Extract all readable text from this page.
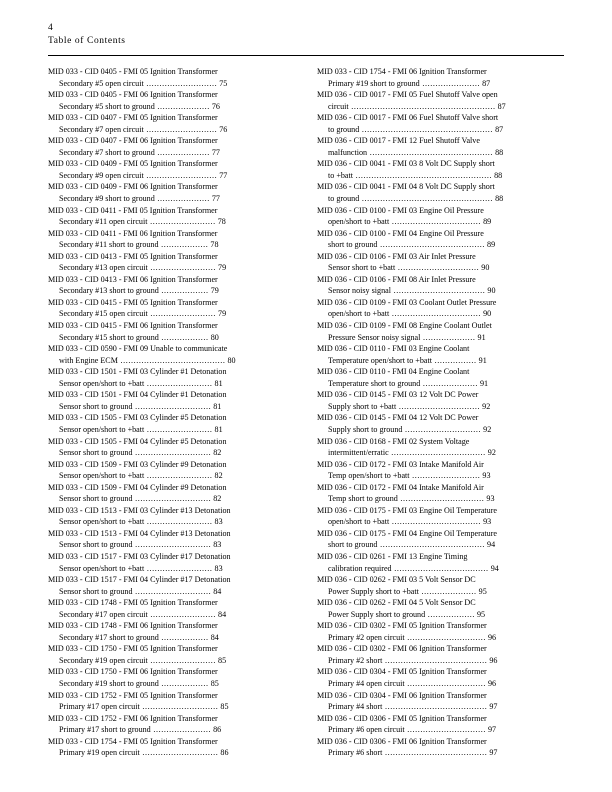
4
Table of Contents

MID 033 - CID 0405 - FMI 05 Ignition Transformer
Secondary #5 open circuit ........................... 75

MID 033 - CID 0405 - FMI 06 Ignition Transformer
Secondary #5 short to ground .................... 76

MID 033 - CID 0407 - FMI 05 Ignition Transformer
Secondary #7 open circuit ........................... 76

MID 033 - CID 0407 - FMI 06 Ignition Transformer
Secondary #7 short to ground .................... 77

MID 033 - CID 0409 - FMI 05 Ignition Transformer
Secondary #9 open circuit ........................... 77

MID 033 - CID 0409 - FMI 06 Ignition Transformer
Secondary #9 short to ground .................... 77

MID 033 - CID 0411 - FMI 05 Ignition Transformer
Secondary #11 open circuit ......................... 78

MID 033 - CID 0411 - FMI 06 Ignition Transformer
Secondary #11 short to ground .................. 78

MID 033 - CID 0413 - FMI 05 Ignition Transformer
Secondary #13 open circuit ......................... 79

MID 033 - CID 0413 - FMI 06 Ignition Transformer
Secondary #13 short to ground .................. 79

MID 033 - CID 0415 - FMI 05 Ignition Transformer
Secondary #15 open circuit ......................... 79

MID 033 - CID 0415 - FMI 06 Ignition Transformer
Secondary #15 short to ground .................. 80

MID 033 - CID 0590 - FMI 09 Unable to communicate
with Engine ECM ........................................ 80

MID 033 - CID 1501 - FMI 03 Cylinder #1 Detonation
Sensor open/short to +batt ......................... 81

MID 033 - CID 1501 - FMI 04 Cylinder #1 Detonation
Sensor short to ground ............................. 81

MID 033 - CID 1505 - FMI 03 Cylinder #5 Detonation
Sensor open/short to +batt ......................... 81

MID 033 - CID 1505 - FMI 04 Cylinder #5 Detonation
Sensor short to ground ............................. 82

MID 033 - CID 1509 - FMI 03 Cylinder #9 Detonation
Sensor open/short to +batt ......................... 82

MID 033 - CID 1509 - FMI 04 Cylinder #9 Detonation
Sensor short to ground ............................. 82

MID 033 - CID 1513 - FMI 03 Cylinder #13 Detonation
Sensor open/short to +batt ......................... 83

MID 033 - CID 1513 - FMI 04 Cylinder #13 Detonation
Sensor short to ground ............................. 83

MID 033 - CID 1517 - FMI 03 Cylinder #17 Detonation
Sensor open/short to +batt ......................... 83

MID 033 - CID 1517 - FMI 04 Cylinder #17 Detonation
Sensor short to ground ............................. 84

MID 033 - CID 1748 - FMI 05 Ignition Transformer
Secondary #17 open circuit ......................... 84

MID 033 - CID 1748 - FMI 06 Ignition Transformer
Secondary #17 short to ground .................. 84

MID 033 - CID 1750 - FMI 05 Ignition Transformer
Secondary #19 open circuit ......................... 85

MID 033 - CID 1750 - FMI 06 Ignition Transformer
Secondary #19 short to ground .................. 85

MID 033 - CID 1752 - FMI 05 Ignition Transformer
Primary #17 open circuit ............................. 85

MID 033 - CID 1752 - FMI 06 Ignition Transformer
Primary #17 short to ground ...................... 86

MID 033 - CID 1754 - FMI 05 Ignition Transformer
Primary #19 open circuit ............................. 86

MID 033 - CID 1754 - FMI 06 Ignition Transformer
Primary #19 short to ground ...................... 87

MID 036 - CID 0017 - FMI 05 Fuel Shutoff Valve open
circuit ....................................................... 87

MID 036 - CID 0017 - FMI 06 Fuel Shutoff Valve short
to ground .................................................. 87

MID 036 - CID 0017 - FMI 12 Fuel Shutoff Valve
malfunction ............................................... 88

MID 036 - CID 0041 - FMI 03 8 Volt DC Supply short
to +batt .................................................... 88

MID 036 - CID 0041 - FMI 04 8 Volt DC Supply short
to ground .................................................. 88

MID 036 - CID 0100 - FMI 03 Engine Oil Pressure
open/short to +batt .................................. 89

MID 036 - CID 0100 - FMI 04 Engine Oil Pressure
short to ground ........................................ 89

MID 036 - CID 0106 - FMI 03 Air Inlet Pressure
Sensor short to +batt ............................... 90

MID 036 - CID 0106 - FMI 08 Air Inlet Pressure
Sensor noisy signal ................................... 90

MID 036 - CID 0109 - FMI 03 Coolant Outlet Pressure
open/short to +batt .................................. 90

MID 036 - CID 0109 - FMI 08 Engine Coolant Outlet
Pressure Sensor noisy signal .................... 91

MID 036 - CID 0110 - FMI 03 Engine Coolant
Temperature open/short to +batt ................ 91

MID 036 - CID 0110 - FMI 04 Engine Coolant
Temperature short to ground ..................... 91

MID 036 - CID 0145 - FMI 03 12 Volt DC Power
Supply short to +batt ............................... 92

MID 036 - CID 0145 - FMI 04 12 Volt DC Power
Supply short to ground ............................. 92

MID 036 - CID 0168 - FMI 02 System Voltage
intermittent/erratic .................................... 92

MID 036 - CID 0172 - FMI 03 Intake Manifold Air
Temp open/short to +batt .......................... 93

MID 036 - CID 0172 - FMI 04 Intake Manifold Air
Temp short to ground ................................ 93

MID 036 - CID 0175 - FMI 03 Engine Oil Temperature
open/short to +batt .................................. 93

MID 036 - CID 0175 - FMI 04 Engine Oil Temperature
short to ground ........................................ 94

MID 036 - CID 0261 - FMI 13 Engine Timing
calibration required .................................... 94

MID 036 - CID 0262 - FMI 03 5 Volt Sensor DC
Power Supply short to +batt ..................... 95

MID 036 - CID 0262 - FMI 04 5 Volt Sensor DC
Power Supply short to ground .................. 95

MID 036 - CID 0302 - FMI 05 Ignition Transformer
Primary #2 open circuit .............................. 96

MID 036 - CID 0302 - FMI 06 Ignition Transformer
Primary #2 short ....................................... 96

MID 036 - CID 0304 - FMI 05 Ignition Transformer
Primary #4 open circuit .............................. 96

MID 036 - CID 0304 - FMI 06 Ignition Transformer
Primary #4 short ....................................... 97

MID 036 - CID 0306 - FMI 05 Ignition Transformer
Primary #6 open circuit .............................. 97

MID 036 - CID 0306 - FMI 06 Ignition Transformer
Primary #6 short ....................................... 97
